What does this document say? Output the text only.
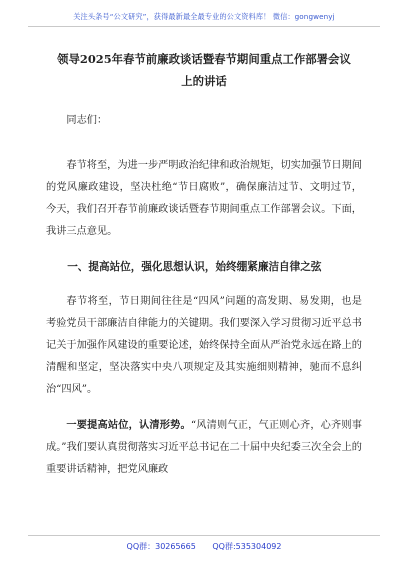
关注头条号“公文研究”，获得最新最全最专业的公文资料库！ 微信：gongwenyj

领导2025年春节前廉政谈话暨春节期间重点工作部署会议

上的讲话

同志们：

春节将至，为进一步严明政治纪律和政治规矩，切实加强节日期间的党风廉政建设，坚决杜绝“节日腐败”，确保廉洁过节、文明过节，今天，我们召开春节前廉政谈话暨春节期间重点工作部署会议。下面，我讲三点意见。

一、提高站位，强化思想认识，始终绷紧廉洁自律之弦

春节将至，节日期间往往是“四风”问题的高发期、易发期，也是考验党员干部廉洁自律能力的关键期。我们要深入学习贯彻习近平总书记关于加强作风建设的重要论述，始终保持全面从严治党永远在路上的清醒和坚定，坚决落实中央八项规定及其实施细则精神，驰而不息纠治“四风”。

一要提高站位，认清形势。“风清则气正，气正则心齐，心齐则事成。”我们要认真贯彻落实习近平总书记在二十届中央纪委三次全会上的重要讲话精神，把党风廉政

QQ群：30265665 QQ群:535304092
